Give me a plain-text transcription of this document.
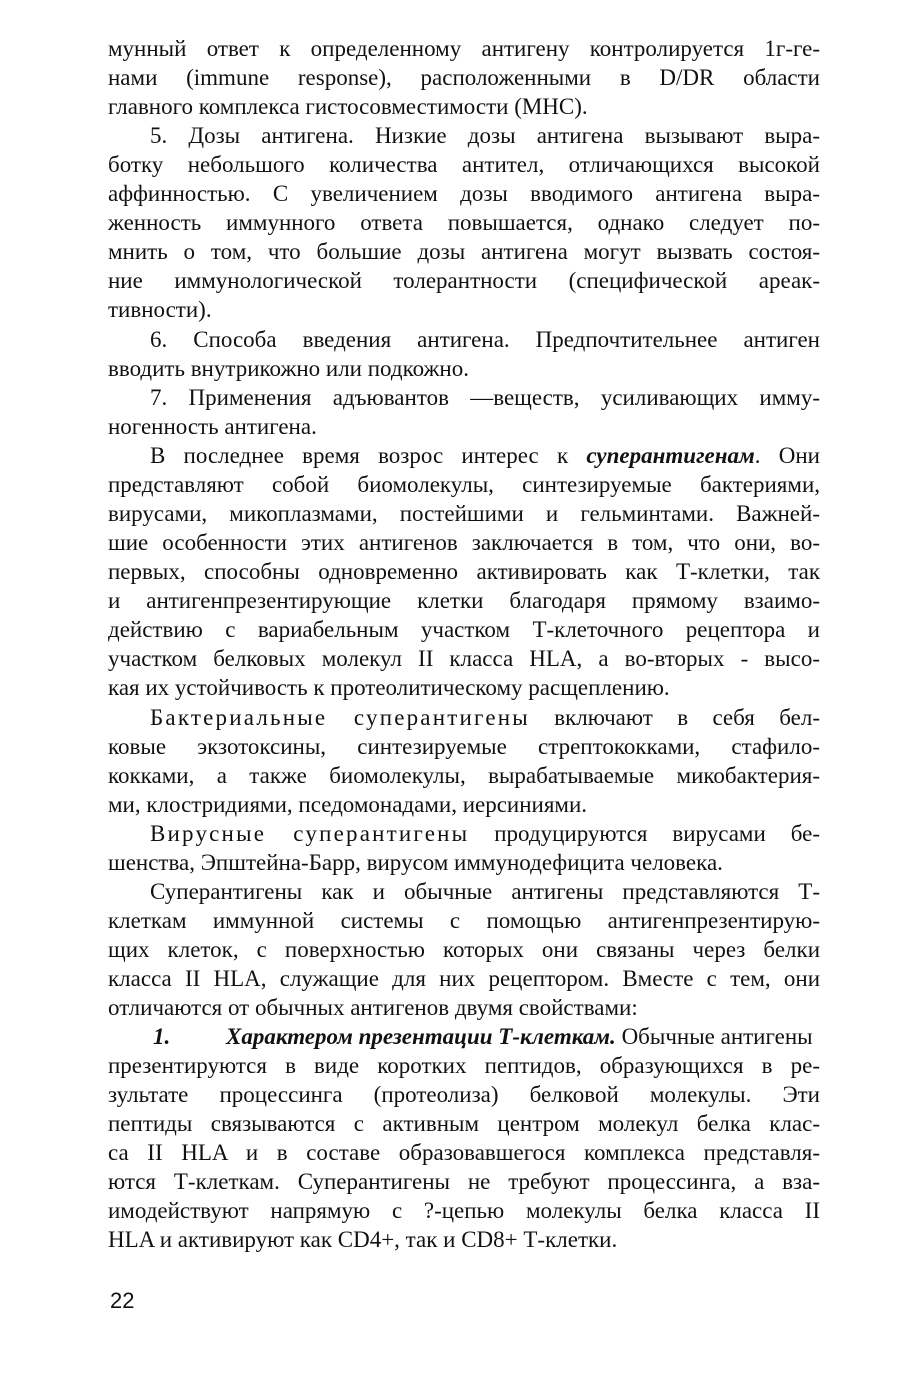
мунный ответ к определенному антигену контролируется 1г-ге-
нами (immune response), расположенными в D/DR области
главного комплекса гистосовместимости (МНС).
5. Дозы антигена. Низкие дозы антигена вызывают выра-
ботку небольшого количества антител, отличающихся высокой
аффинностью. С увеличением дозы вводимого антигена выра-
женность иммунного ответа повышается, однако следует по-
мнить о том, что большие дозы антигена могут вызвать состоя-
ние иммунологической толерантности (специфической ареак-
тивности).
6. Способа введения антигена. Предпочтительнее антиген
вводить внутрикожно или подкожно.
7. Применения адъювантов —веществ, усиливающих имму-
ногенность антигена.
В последнее время возрос интерес к суперантигенам. Они
представляют собой биомолекулы, синтезируемые бактериями,
вирусами, микоплазмами, постейшими и гельминтами. Важней-
шие особенности этих антигенов заключается в том, что они, во-
первых, способны одновременно активировать как Т-клетки, так
и антигенпрезентирующие клетки благодаря прямому взаимо-
действию с вариабельным участком Т-клеточного рецептора и
участком белковых молекул II класса HLA, а во-вторых - высо-
кая их устойчивость к протеолитическому расщеплению.
Бактериальные суперантигены включают в себя бел-
ковые экзотоксины, синтезируемые стрептококками, стафило-
кокками, а также биомолекулы, вырабатываемые микобактерия-
ми, клостридиями, пседомонадами, иерсиниями.
Вирусные суперантигены продуцируются вирусами бе-
шенства, Эпштейна-Барр, вирусом иммунодефицита человека.
Суперантигены как и обычные антигены представляются Т-
клеткам иммунной системы с помощью антигенпрезентирую-
щих клеток, с поверхностью которых они связаны через белки
класса II HLA, служащие для них рецептором. Вместе с тем, они
отличаются от обычных антигенов двумя свойствами:
1. Характером презентации Т-клеткам. Обычные антигены
презентируются в виде коротких пептидов, образующихся в ре-
зультате процессинга (протеолиза) белковой молекулы. Эти
пептиды связываются с активным центром молекул белка клас-
са II HLA и в составе образовавшегося комплекса представля-
ются Т-клеткам. Суперантигены не требуют процессинга, а вза-
имодействуют напрямую с ?-цепью молекулы белка класса II
HLA и активируют как CD4+, так и CD8+ Т-клетки.
22
